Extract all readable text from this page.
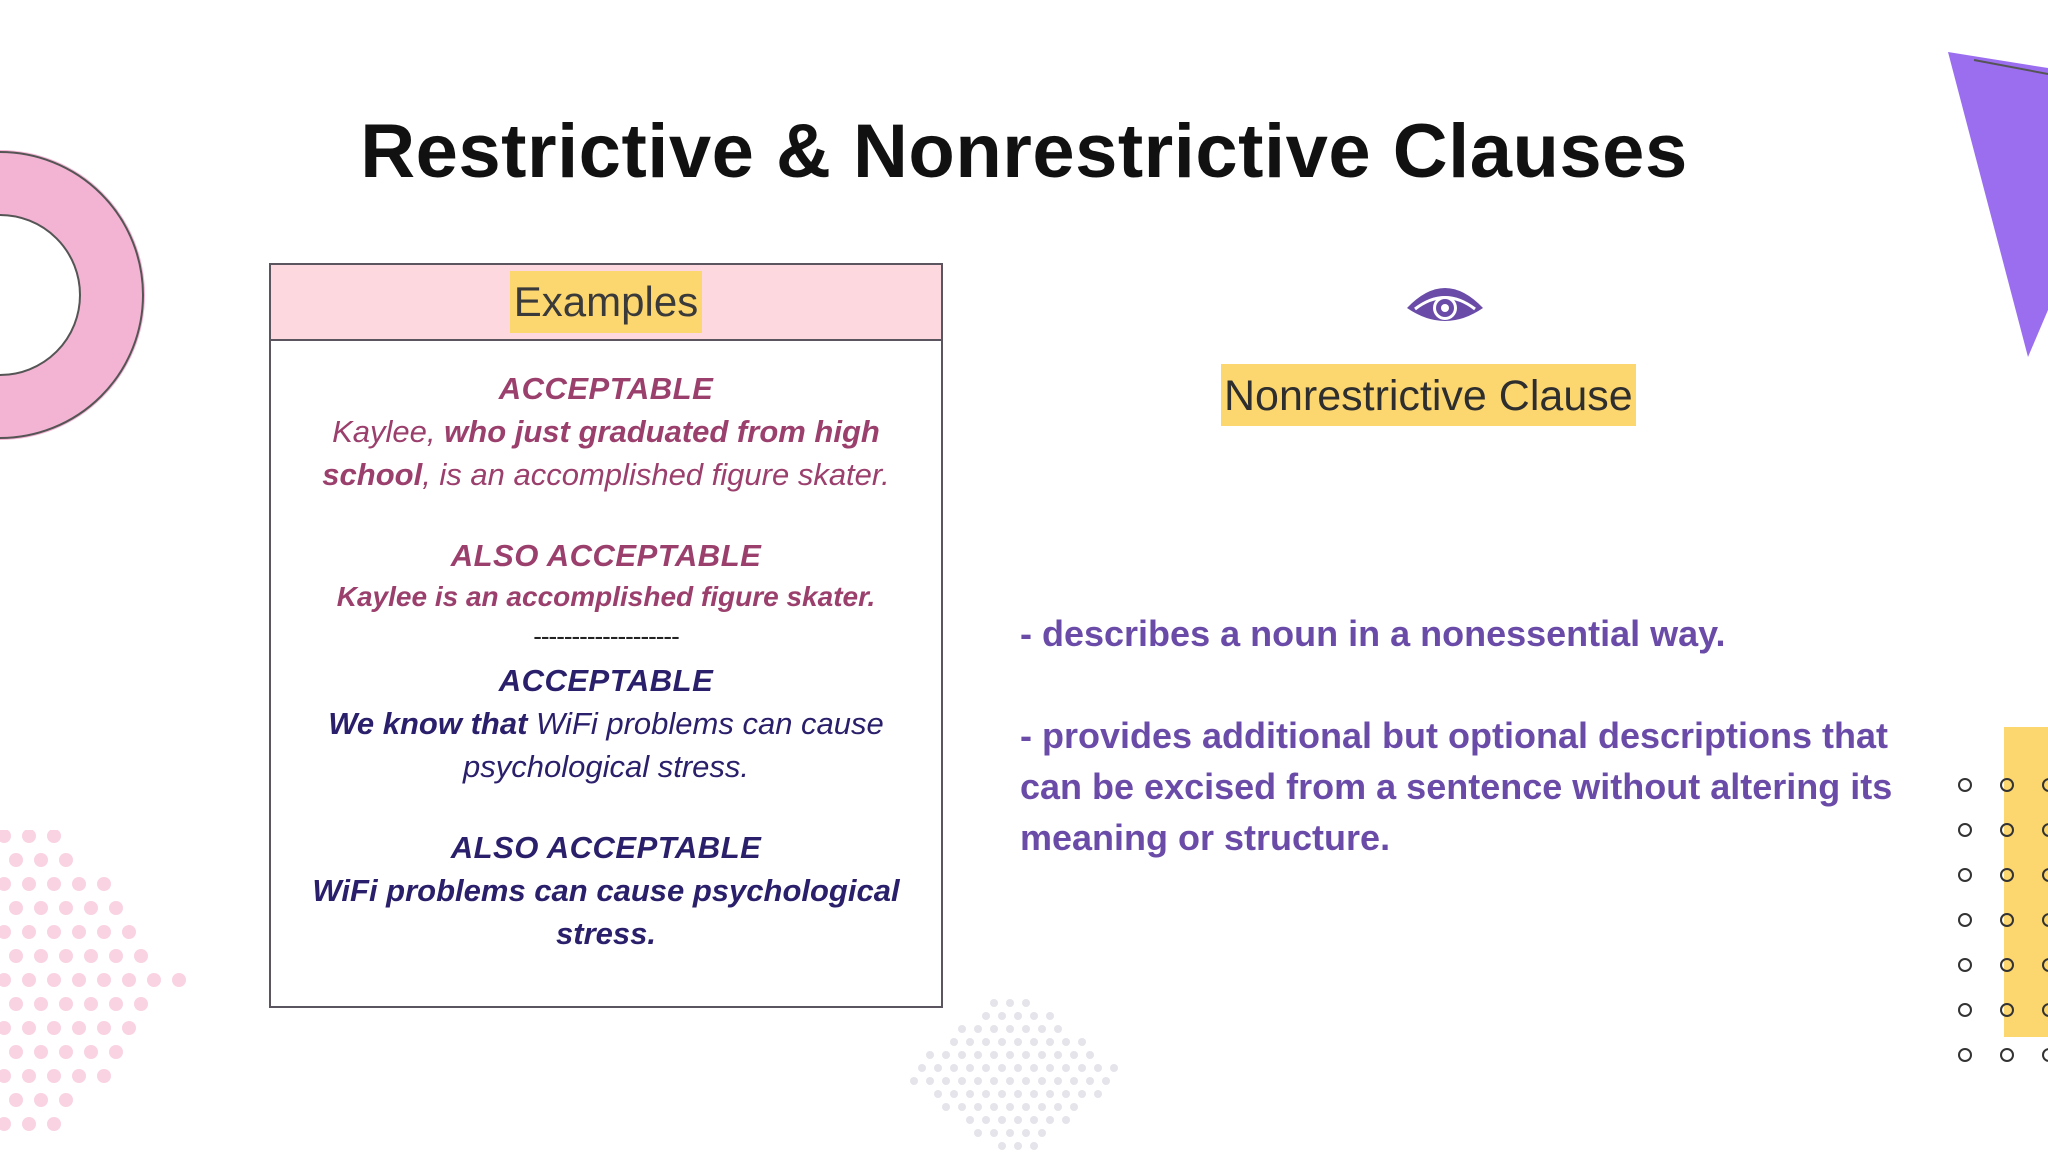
Restrictive & Nonrestrictive Clauses
Examples
ACCEPTABLE
Kaylee, who just graduated from high school, is an accomplished figure skater.
ALSO ACCEPTABLE
Kaylee is an accomplished figure skater.
-------------------
ACCEPTABLE
We know that WiFi problems can cause psychological stress.
ALSO ACCEPTABLE
WiFi problems can cause psychological stress.
Nonrestrictive Clause
- describes a noun in a nonessential way.
- provides additional but optional descriptions that can be excised from a sentence without altering its meaning or structure.
